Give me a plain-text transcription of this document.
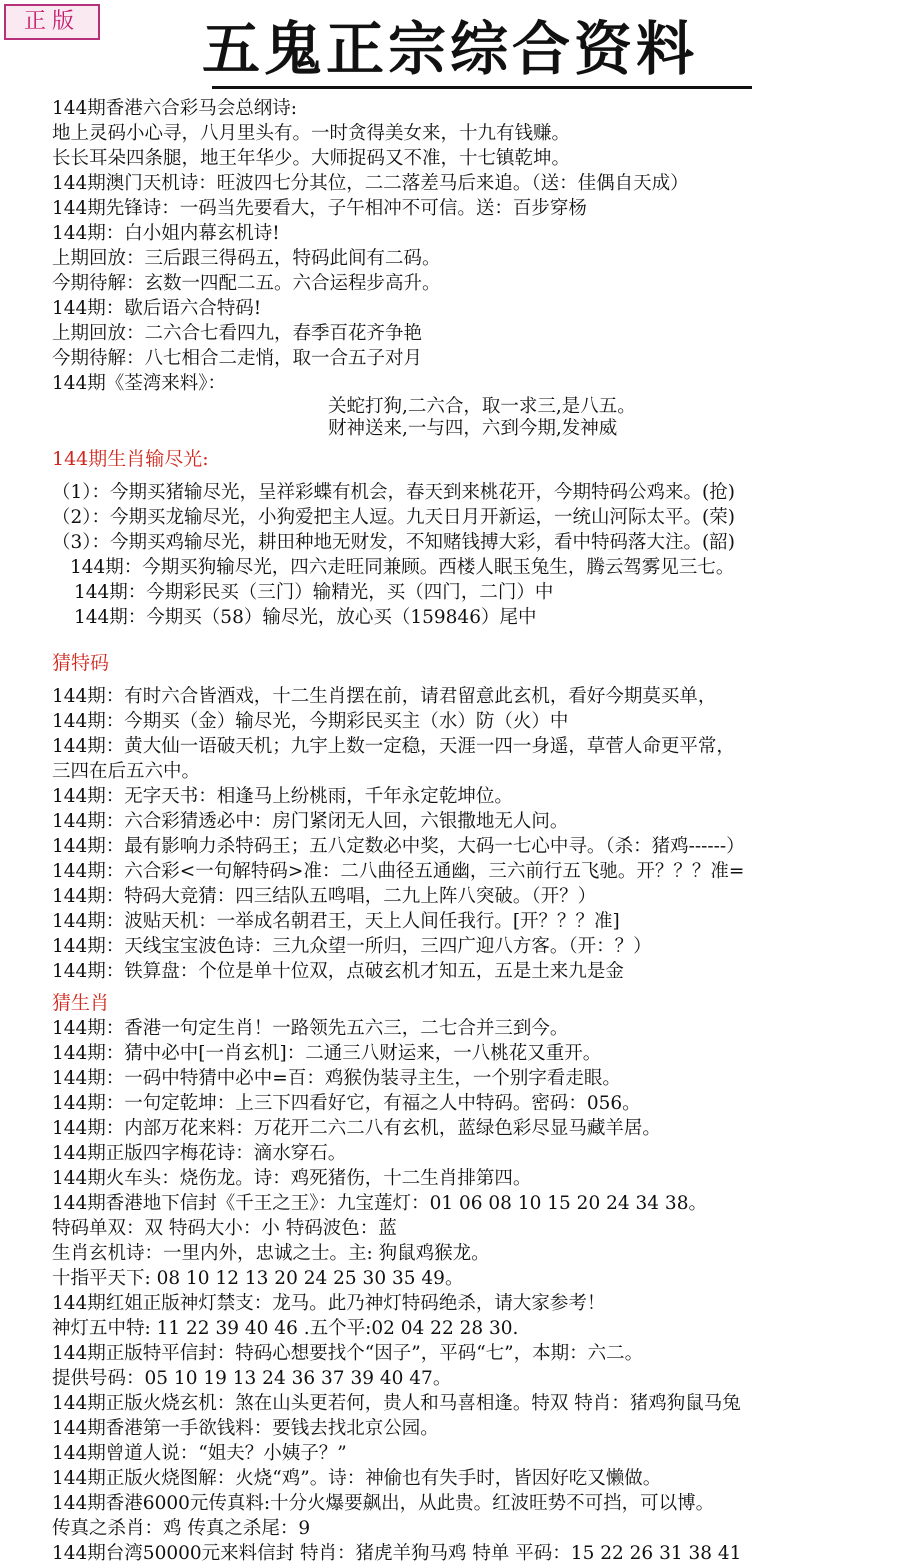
正版	五鬼正宗综合资料
144期香港六合彩马会总纲诗:
地上灵码小心寻，八月里头有。一时贪得美女来，十九有钱赚。
长长耳朵四条腿，地王年华少。大师捉码又不准，十七镇乾坤。
144期澳门天机诗：旺波四七分其位，二二落差马后来追。（送：佳偶自天成）
144期先锋诗：一码当先要看大，子午相冲不可信。送：百步穿杨
144期：白小姐内幕玄机诗!
上期回放：三后跟三得码五，特码此间有二码。
今期待解：玄数一四配二五。六合运程步高升。
144期：歇后语六合特码!
上期回放：二六合七看四九，春季百花齐争艳
今期待解：八七相合二走悄，取一合五子对月
144期《荃湾来料》：
关蛇打狗,二六合，取一求三,是八五。
财神送来,一与四，六到今期,发神威
144期生肖输尽光:
（1）：今期买猪输尽光，呈祥彩蝶有机会，春天到来桃花开，今期特码公鸡来。(抢)
（2）：今期买龙输尽光，小狗爱把主人逗。九天日月开新运，一统山河际太平。(荣)
（3）：今期买鸡输尽光，耕田种地无财发，不知赌钱搏大彩，看中特码落大注。(韶)
144期：今期买狗输尽光，四六走旺同兼顾。西楼人眠玉兔生，腾云驾雾见三七。
144期：今期彩民买（三门）输精光，买（四门，二门）中
144期：今期买（58）输尽光，放心买（159846）尾中
猜特码
144期：有时六合皆酒戏，十二生肖摆在前，请君留意此玄机，看好今期莫买单，
144期：今期买（金）输尽光，今期彩民买主（水）防（火）中
144期：黄大仙一语破天机；九宇上数一定稳，天涯一四一身遥，草菅人命更平常，
三四在后五六中。
144期：无字天书：相逢马上纷桃雨，千年永定乾坤位。
144期：六合彩猜透必中：房门紧闭无人回，六银撒地无人问。
144期：最有影响力杀特码王；五八定数必中奖，大码一七心中寻。（杀：猪鸡------）
144期：六合彩<一句解特码>准：二八曲径五通幽，三六前行五飞驰。开？？？准=
144期：特码大竞猜：四三结队五鸣唱，二九上阵八突破。（开？）
144期：波贴天机：一举成名朝君王，天上人间任我行。[开？？？准]
144期：天线宝宝波色诗：三九众望一所归，三四广迎八方客。（开：？）
144期：铁算盘：个位是单十位双，点破玄机才知五，五是土来九是金
猜生肖
144期：香港一句定生肖！一路领先五六三，二七合并三到今。
144期：猜中必中[一肖玄机]：二通三八财运来，一八桃花又重开。
144期：一码中特猜中必中=百：鸡猴伪装寻主生，一个别字看走眼。
144期：一句定乾坤：上三下四看好它，有福之人中特码。密码：056。
144期：内部万花来料：万花开二六二八有玄机，蓝绿色彩尽显马藏羊居。
144期正版四字梅花诗：滴水穿石。
144期火车头：烧伤龙。诗：鸡死猪伤，十二生肖排第四。
144期香港地下信封《千王之王》：九宝莲灯：01 06 08 10 15 20 24 34 38。
特码单双：双 特码大小：小 特码波色：蓝
生肖玄机诗：一里内外，忠诚之士。主: 狗鼠鸡猴龙。
十指平天下: 08 10 12 13 20 24 25 30 35 49。
144期红姐正版神灯禁支：龙马。此乃神灯特码绝杀，请大家参考！
神灯五中特: 11 22 39 40 46 .五个平:02 04 22 28 30.
144期正版特平信封：特码心想要找个“因子”，平码“七”，本期：六二。
提供号码：05 10 19 13 24 36 37 39 40 47。
144期正版火烧玄机：煞在山头更若何，贵人和马喜相逢。特双 特肖：猪鸡狗鼠马兔
144期香港第一手欲钱料：要钱去找北京公园。
144期曾道人说：“姐夫？小姨子？”
144期正版火烧图解：火烧“鸡”。诗：神偷也有失手时，皆因好吃又懒做。
144期香港6000元传真料:十分火爆要飙出，从此贵。红波旺势不可挡，可以博。
传真之杀肖：鸡 传真之杀尾：9
144期台湾50000元来料信封 特肖：猪虎羊狗马鸡 特单 平码：15 22 26 31 38 41
